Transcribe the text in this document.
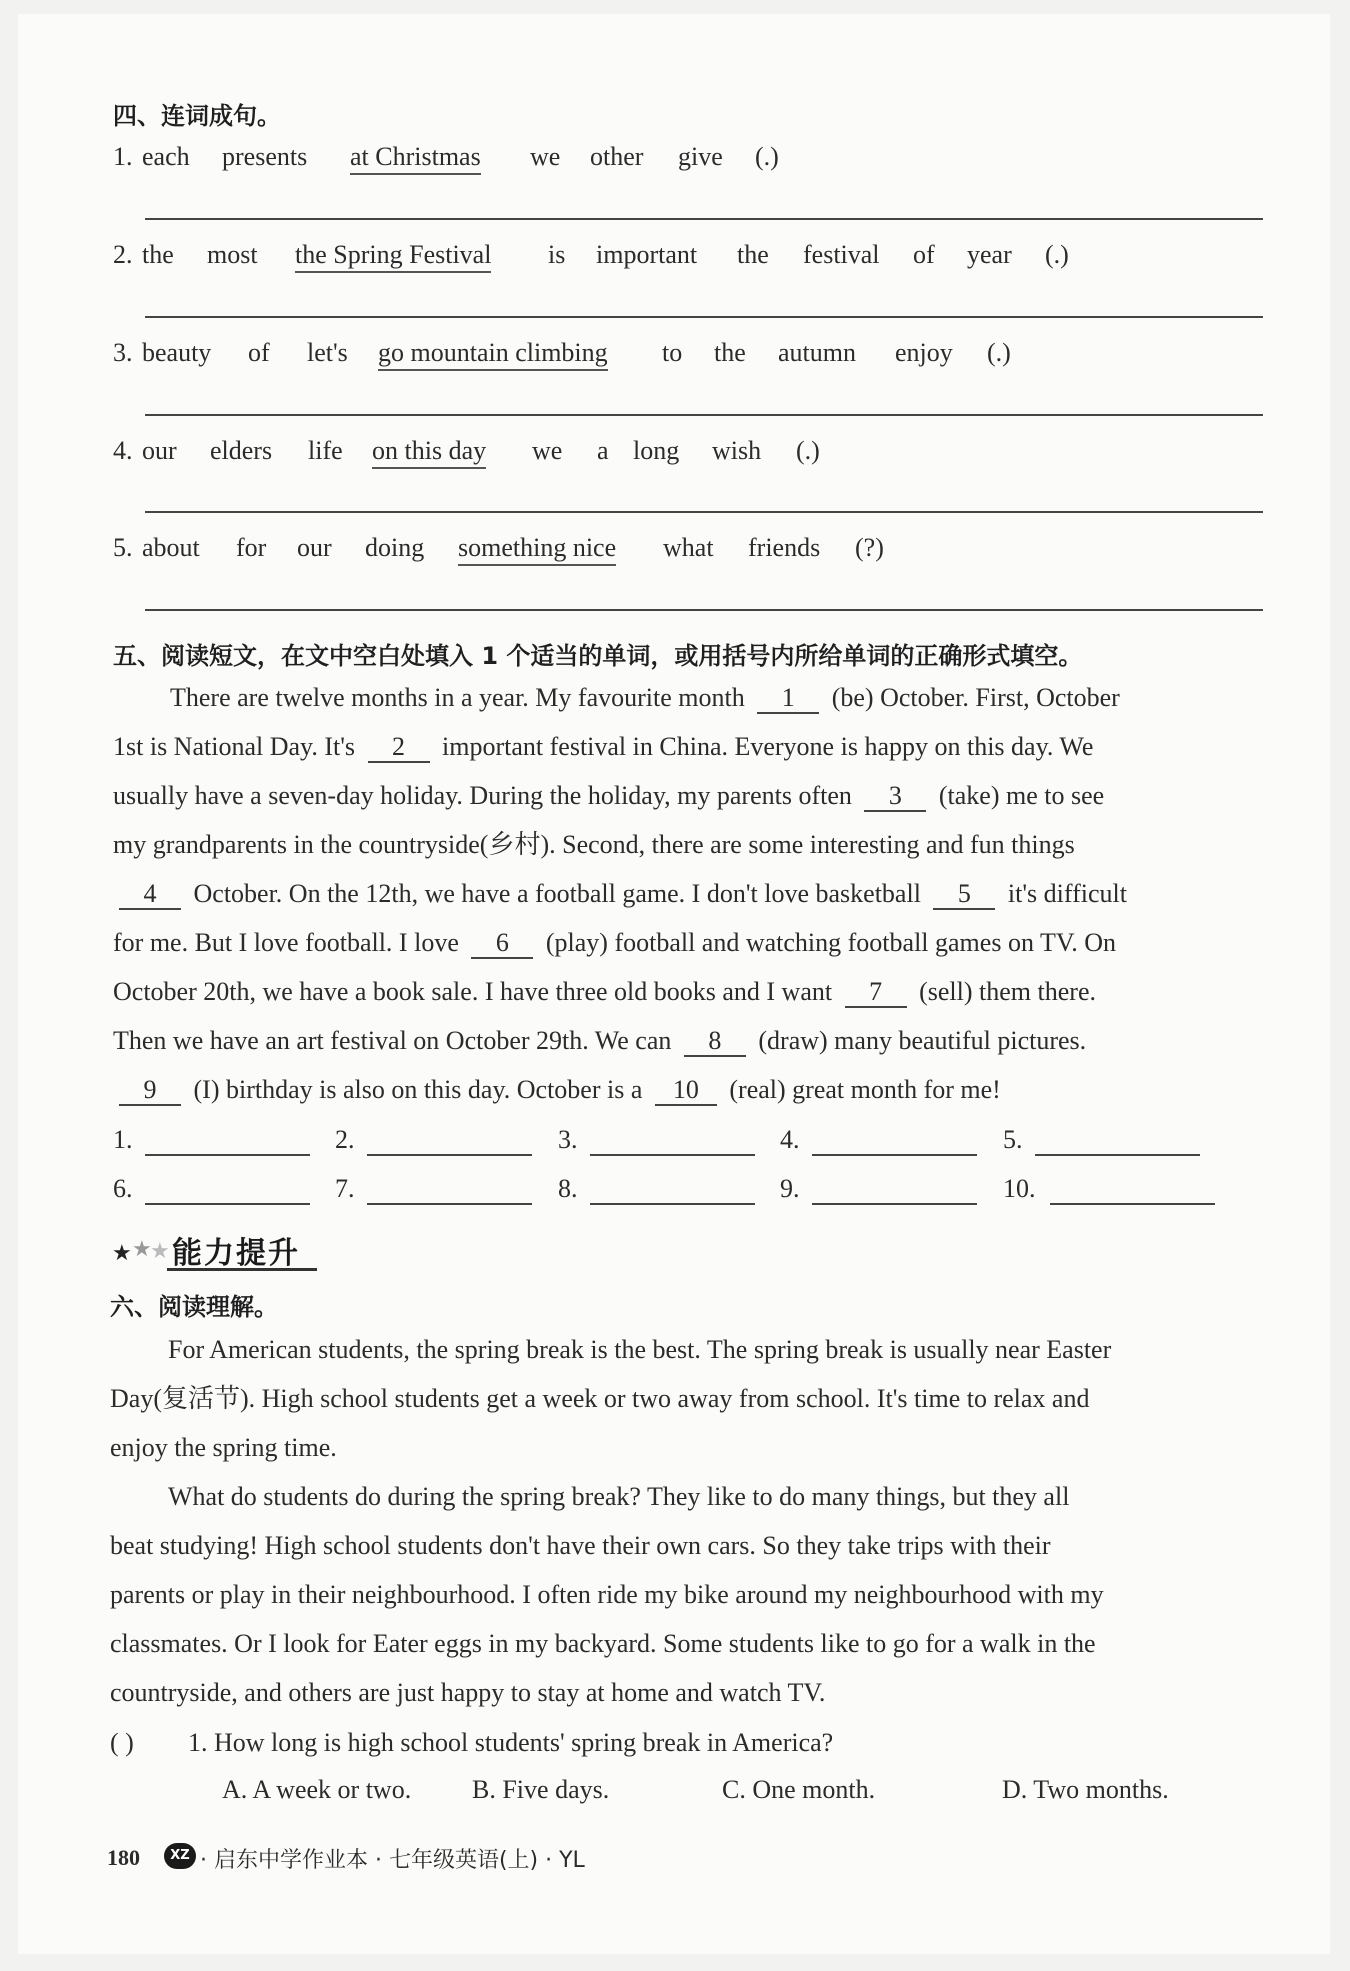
四、连词成句。
1. each presents at Christmas we other give (.)
2. the most the Spring Festival is important the festival of year (.)
3. beauty of let's go mountain climbing to the autumn enjoy (.)
4. our elders life on this day we a long wish (.)
5. about for our doing something nice what friends (?)
五、阅读短文，在文中空白处填入 1 个适当的单词，或用括号内所给单词的正确形式填空。
There are twelve months in a year. My favourite month 1 (be) October. First, October
1st is National Day. It's 2 important festival in China. Everyone is happy on this day. We
usually have a seven-day holiday. During the holiday, my parents often 3 (take) me to see
my grandparents in the countryside(乡村). Second, there are some interesting and fun things
4 October. On the 12th, we have a football game. I don't love basketball 5 it's difficult
for me. But I love football. I love 6 (play) football and watching football games on TV. On
October 20th, we have a book sale. I have three old books and I want 7 (sell) them there.
Then we have an art festival on October 29th. We can 8 (draw) many beautiful pictures.
9 (I) birthday is also on this day. October is a 10 (real) great month for me!
1.	2.	3.	4.	5.
6.	7.	8.	9.	10.
★ ★
★ 能力提升
六、阅读理解。
For American students, the spring break is the best. The spring break is usually near Easter
Day(复活节). High school students get a week or two away from school. It's time to relax and
enjoy the spring time.
What do students do during the spring break? They like to do many things, but they all
beat studying! High school students don't have their own cars. So they take trips with their
parents or play in their neighbourhood. I often ride my bike around my neighbourhood with my
classmates. Or I look for Eater eggs in my backyard. Some students like to go for a walk in the
countryside, and others are just happy to stay at home and watch TV.
( ) 1. How long is high school students' spring break in America?
A. A week or two. B. Five days.	C. One month.	D. Two months.
180	XZ · 启东中学作业本 · 七年级英语(上) · YL
